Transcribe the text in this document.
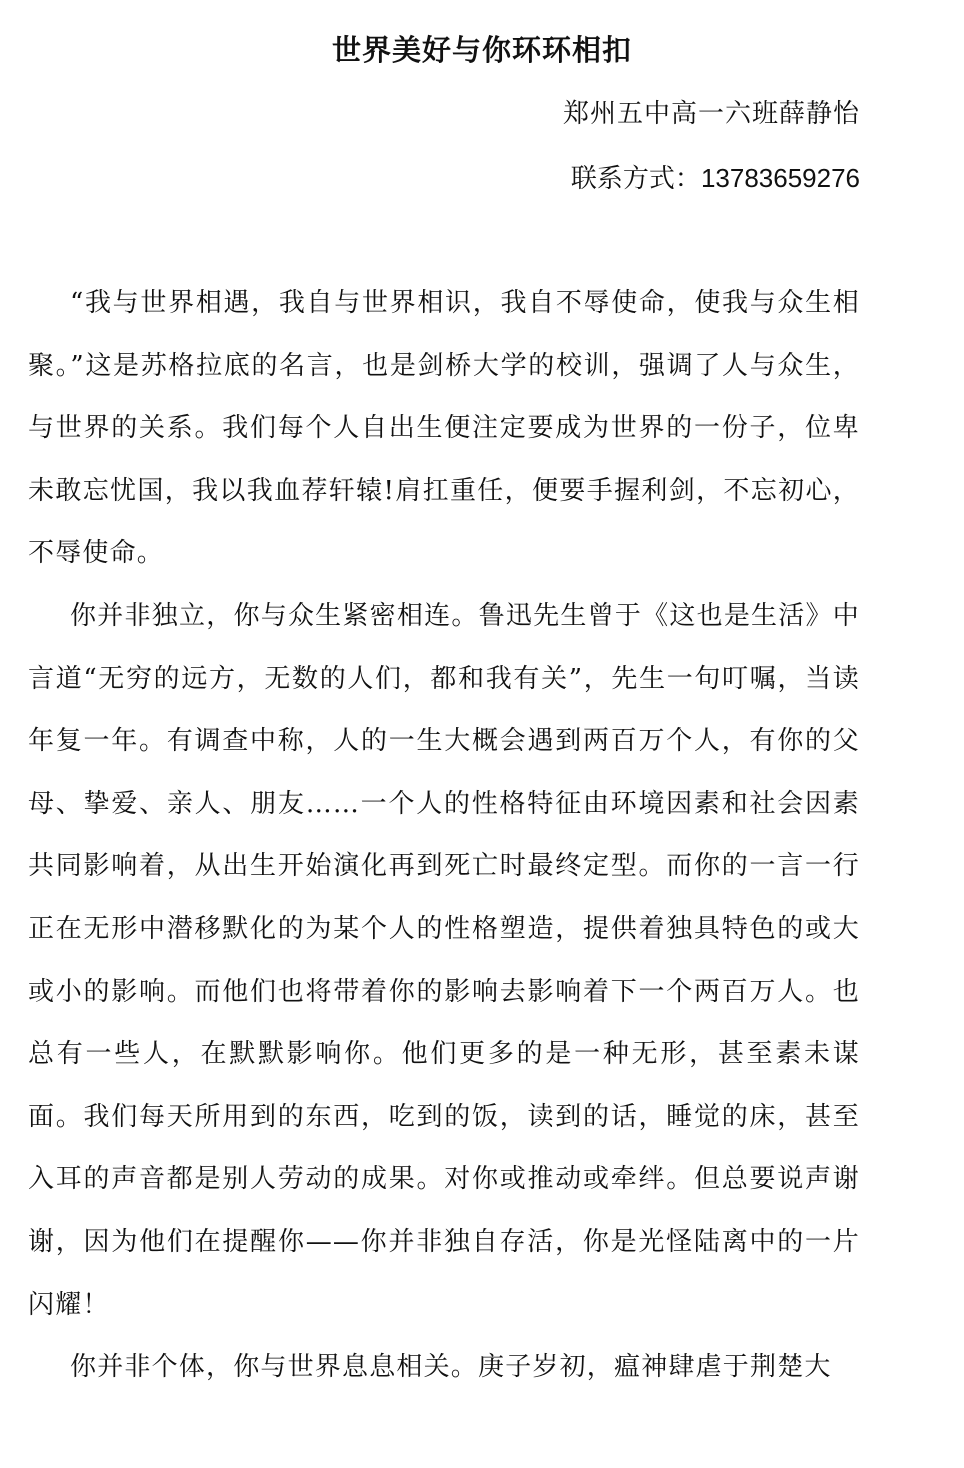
世界美好与你环环相扣

郑州五中高一六班薛静怡

联系方式：13783659276

“我与世界相遇，我自与世界相识，我自不辱使命，使我与众生相聚。”这是苏格拉底的名言，也是剑桥大学的校训，强调了人与众生，与世界的关系。我们每个人自出生便注定要成为世界的一份子，位卑未敢忘忧国，我以我血荐轩辕!肩扛重任，便要手握利剑，不忘初心，不辱使命。

你并非独立，你与众生紧密相连。鲁迅先生曾于《这也是生活》中言道“无穷的远方，无数的人们，都和我有关”，先生一句叮嘱，当读年复一年。有调查中称，人的一生大概会遇到两百万个人，有你的父母、挚爱、亲人、朋友……一个人的性格特征由环境因素和社会因素共同影响着，从出生开始演化再到死亡时最终定型。而你的一言一行正在无形中潜移默化的为某个人的性格塑造，提供着独具特色的或大或小的影响。而他们也将带着你的影响去影响着下一个两百万人。也总有一些人，在默默影响你。他们更多的是一种无形，甚至素未谋面。我们每天所用到的东西，吃到的饭，读到的话，睡觉的床，甚至入耳的声音都是别人劳动的成果。对你或推动或牵绊。但总要说声谢谢，因为他们在提醒你——你并非独自存活，你是光怪陆离中的一片闪耀！

你并非个体，你与世界息息相关。庚子岁初，瘟神肆虐于荆楚大
